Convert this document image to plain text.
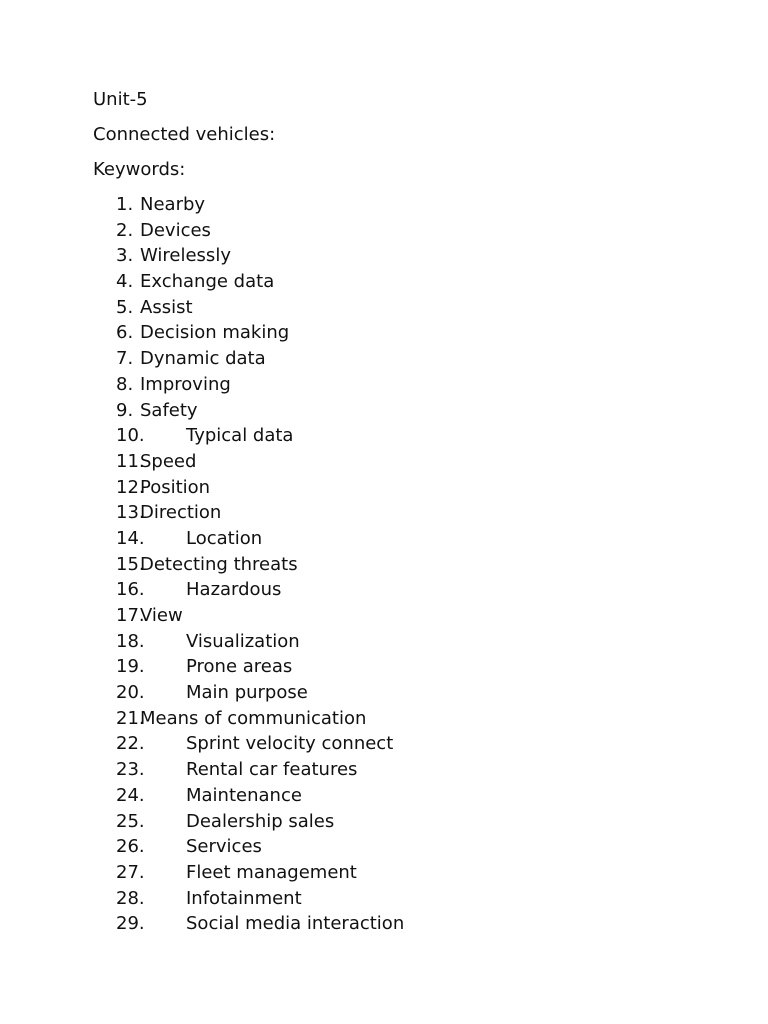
Unit-5
Connected vehicles:
Keywords:
1. Nearby
2. Devices
3. Wirelessly
4. Exchange data
5. Assist
6. Decision making
7. Dynamic data
8. Improving
9. Safety
10. Typical data
11.
Speed
12.
Position
13.
Direction
14. Location
15.
Detecting threats
16. Hazardous
17.
View
18. Visualization
19. Prone areas
20. Main purpose
21.
Means of communication
22. Sprint velocity connect
23. Rental car features
24. Maintenance
25. Dealership sales
26. Services
27. Fleet management
28. Infotainment
29. Social media interaction
